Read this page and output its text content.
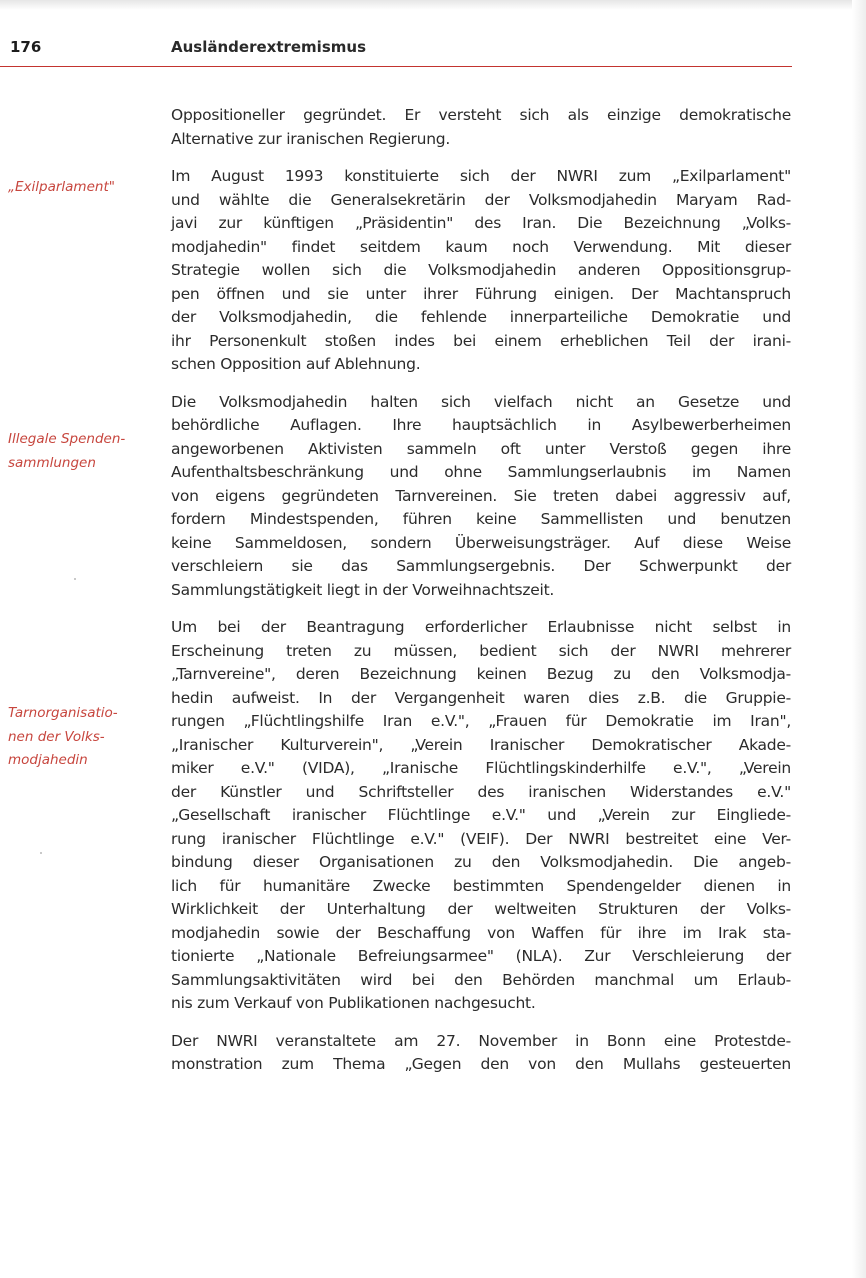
176	Ausländerextremismus
„Exilparlament"
Illegale Spenden-
sammlungen
Tarnorganisatio-
nen der Volks-
modjahedin
Oppositioneller gegründet. Er versteht sich als einzige demokratische
Alternative zur iranischen Regierung.
Im August 1993 konstituierte sich der NWRI zum „Exilparlament"
und wählte die Generalsekretärin der Volksmodjahedin Maryam Rad-
javi zur künftigen „Präsidentin" des Iran. Die Bezeichnung „Volks-
modjahedin" findet seitdem kaum noch Verwendung. Mit dieser
Strategie wollen sich die Volksmodjahedin anderen Oppositionsgrup-
pen öffnen und sie unter ihrer Führung einigen. Der Machtanspruch
der Volksmodjahedin, die fehlende innerparteiliche Demokratie und
ihr Personenkult stoßen indes bei einem erheblichen Teil der irani-
schen Opposition auf Ablehnung.
Die Volksmodjahedin halten sich vielfach nicht an Gesetze und
behördliche Auflagen. Ihre hauptsächlich in Asylbewerberheimen
angeworbenen Aktivisten sammeln oft unter Verstoß gegen ihre
Aufenthaltsbeschränkung und ohne Sammlungserlaubnis im Namen
von eigens gegründeten Tarnvereinen. Sie treten dabei aggressiv auf,
fordern Mindestspenden, führen keine Sammellisten und benutzen
keine Sammeldosen, sondern Überweisungsträger. Auf diese Weise
verschleiern sie das Sammlungsergebnis. Der Schwerpunkt der
Sammlungstätigkeit liegt in der Vorweihnachtszeit.
Um bei der Beantragung erforderlicher Erlaubnisse nicht selbst in
Erscheinung treten zu müssen, bedient sich der NWRI mehrerer
„Tarnvereine", deren Bezeichnung keinen Bezug zu den Volksmodja-
hedin aufweist. In der Vergangenheit waren dies z.B. die Gruppie-
rungen „Flüchtlingshilfe Iran e.V.", „Frauen für Demokratie im Iran",
„Iranischer Kulturverein", „Verein Iranischer Demokratischer Akade-
miker e.V." (VIDA), „Iranische Flüchtlingskinderhilfe e.V.", „Verein
der Künstler und Schriftsteller des iranischen Widerstandes e.V."
„Gesellschaft iranischer Flüchtlinge e.V." und „Verein zur Eingliede-
rung iranischer Flüchtlinge e.V." (VEIF). Der NWRI bestreitet eine Ver-
bindung dieser Organisationen zu den Volksmodjahedin. Die angeb-
lich für humanitäre Zwecke bestimmten Spendengelder dienen in
Wirklichkeit der Unterhaltung der weltweiten Strukturen der Volks-
modjahedin sowie der Beschaffung von Waffen für ihre im Irak sta-
tionierte „Nationale Befreiungsarmee" (NLA). Zur Verschleierung der
Sammlungsaktivitäten wird bei den Behörden manchmal um Erlaub-
nis zum Verkauf von Publikationen nachgesucht.
Der NWRI veranstaltete am 27. November in Bonn eine Protestde-
monstration zum Thema „Gegen den von den Mullahs gesteuerten
